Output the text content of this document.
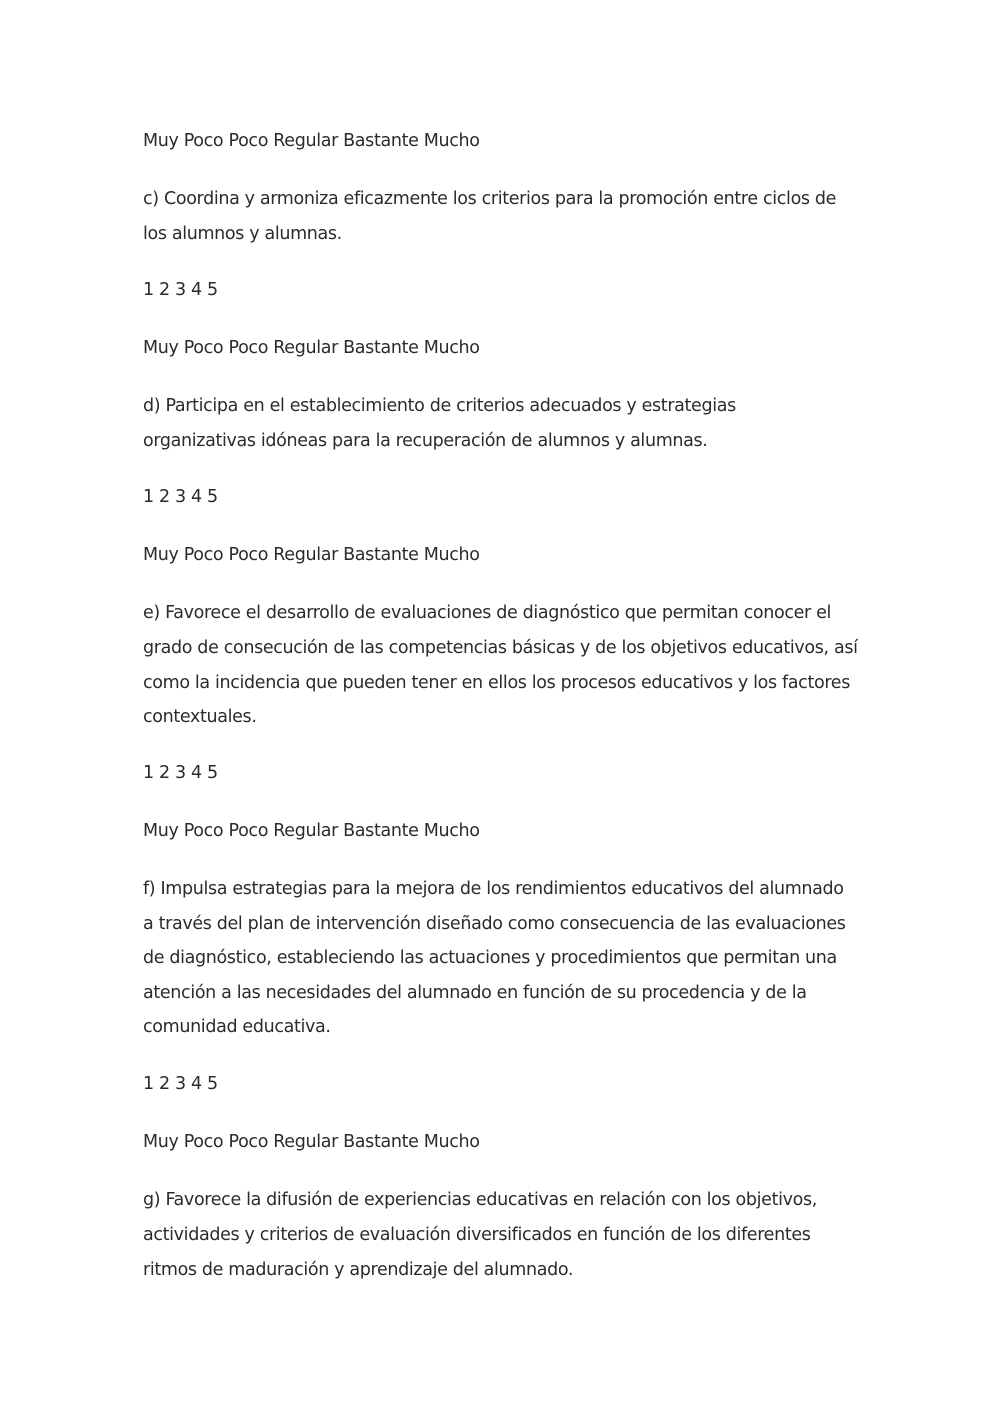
Muy Poco Poco Regular Bastante Mucho

c) Coordina y armoniza eficazmente los criterios para la promoción entre ciclos de

los alumnos y alumnas.

1 2 3 4 5

Muy Poco Poco Regular Bastante Mucho

d) Participa en el establecimiento de criterios adecuados y estrategias

organizativas idóneas para la recuperación de alumnos y alumnas.

1 2 3 4 5

Muy Poco Poco Regular Bastante Mucho

e) Favorece el desarrollo de evaluaciones de diagnóstico que permitan conocer el

grado de consecución de las competencias básicas y de los objetivos educativos, así

como la incidencia que pueden tener en ellos los procesos educativos y los factores

contextuales.

1 2 3 4 5

Muy Poco Poco Regular Bastante Mucho

f) Impulsa estrategias para la mejora de los rendimientos educativos del alumnado

a través del plan de intervención diseñado como consecuencia de las evaluaciones

de diagnóstico, estableciendo las actuaciones y procedimientos que permitan una

atención a las necesidades del alumnado en función de su procedencia y de la

comunidad educativa.

1 2 3 4 5

Muy Poco Poco Regular Bastante Mucho

g) Favorece la difusión de experiencias educativas en relación con los objetivos,

actividades y criterios de evaluación diversificados en función de los diferentes

ritmos de maduración y aprendizaje del alumnado.
